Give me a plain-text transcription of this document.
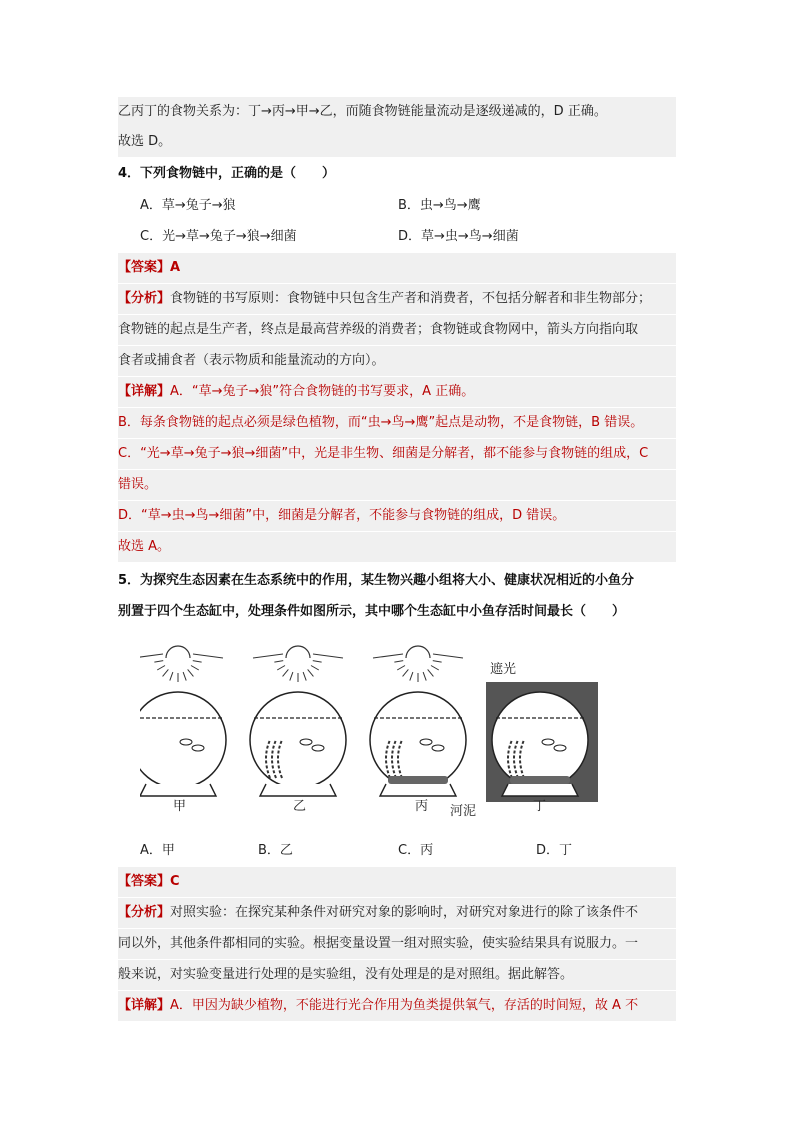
乙丙丁的食物关系为：丁→丙→甲→乙，而随食物链能量流动是逐级递减的，D 正确。
故选 D。
4．下列食物链中，正确的是（　　）
A．草→兔子→狼	B．虫→鸟→鹰
C．光→草→兔子→狼→细菌	D．草→虫→鸟→细菌
【答案】A
【分析】食物链的书写原则：食物链中只包含生产者和消费者，不包括分解者和非生物部分；
食物链的起点是生产者，终点是最高营养级的消费者；食物链或食物网中，箭头方向指向取
食者或捕食者（表示物质和能量流动的方向）。
【详解】A．“草→兔子→狼”符合食物链的书写要求，A 正确。
B．每条食物链的起点必须是绿色植物，而“虫→鸟→鹰”起点是动物，不是食物链，B 错误。
C．“光→草→兔子→狼→细菌”中，光是非生物、细菌是分解者，都不能参与食物链的组成，C
错误。
D．“草→虫→鸟→细菌”中，细菌是分解者，不能参与食物链的组成，D 错误。
故选 A。
5．为探究生态因素在生态系统中的作用，某生物兴趣小组将大小、健康状况相近的小鱼分
别置于四个生态缸中，处理条件如图所示，其中哪个生态缸中小鱼存活时间最长（　　）
遮光
河泥
甲	乙	丙	丁
A．甲	B．乙	C．丙	D．丁
【答案】C
【分析】对照实验：在探究某种条件对研究对象的影响时，对研究对象进行的除了该条件不
同以外，其他条件都相同的实验。根据变量设置一组对照实验，使实验结果具有说服力。一
般来说，对实验变量进行处理的是实验组，没有处理是的是对照组。据此解答。
【详解】A．甲因为缺少植物，不能进行光合作用为鱼类提供氧气，存活的时间短，故 A 不
